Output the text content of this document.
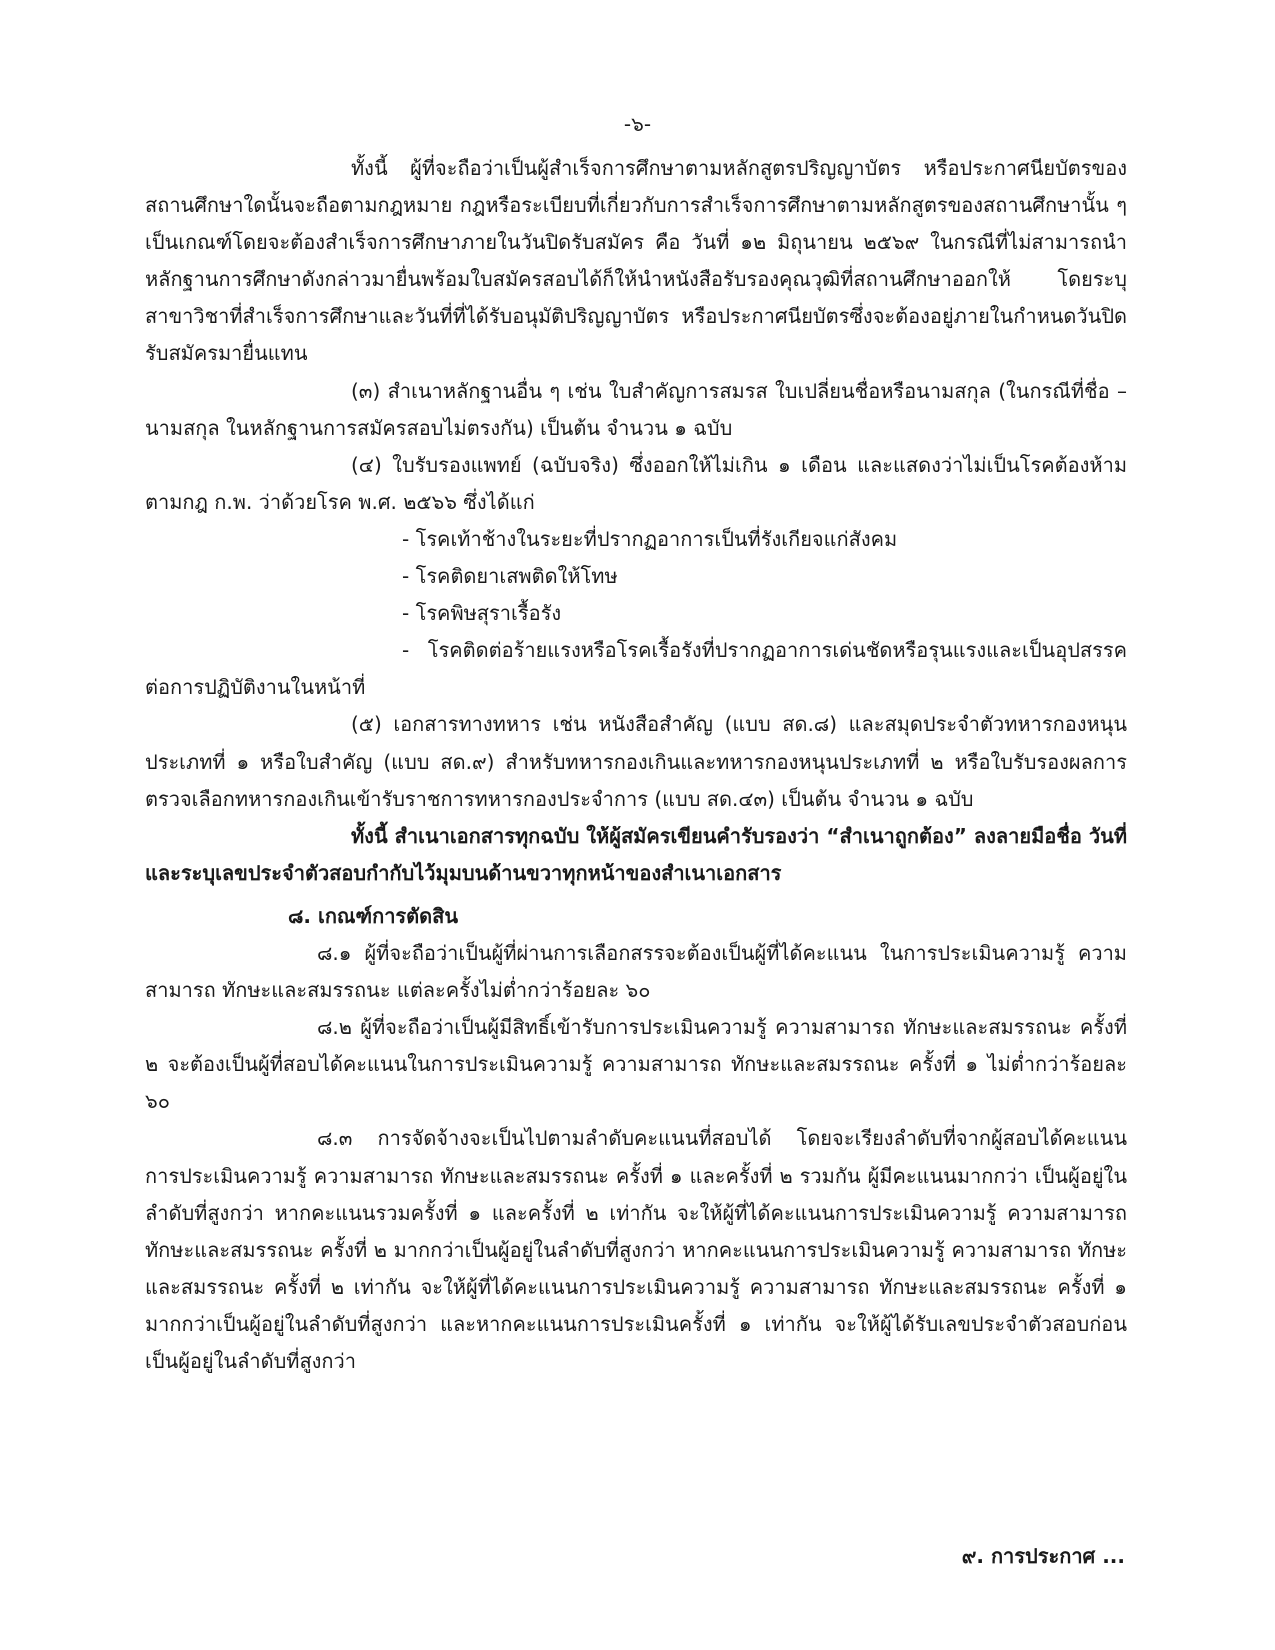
-๖-

ทั้งนี้ ผู้ที่จะถือว่าเป็นผู้สำเร็จการศึกษาตามหลักสูตรปริญญาบัตร หรือประกาศนียบัตรของสถานศึกษาใดนั้นจะถือตามกฎหมาย กฎหรือระเบียบที่เกี่ยวกับการสำเร็จการศึกษาตามหลักสูตรของสถานศึกษานั้น ๆ เป็นเกณฑ์โดยจะต้องสำเร็จการศึกษาภายในวันปิดรับสมัคร คือ วันที่ ๑๒ มิถุนายน ๒๕๖๙ ในกรณีที่ไม่สามารถนำหลักฐานการศึกษาดังกล่าวมายื่นพร้อมใบสมัครสอบได้ก็ให้นำหนังสือรับรองคุณวุฒิที่สถานศึกษาออกให้ โดยระบุสาขาวิชาที่สำเร็จการศึกษาและวันที่ที่ได้รับอนุมัติปริญญาบัตร หรือประกาศนียบัตรซึ่งจะต้องอยู่ภายในกำหนดวันปิดรับสมัครมายื่นแทน

(๓) สำเนาหลักฐานอื่น ๆ เช่น ใบสำคัญการสมรส ใบเปลี่ยนชื่อหรือนามสกุล (ในกรณีที่ชื่อ – นามสกุล ในหลักฐานการสมัครสอบไม่ตรงกัน) เป็นต้น จำนวน ๑ ฉบับ

(๔) ใบรับรองแพทย์ (ฉบับจริง) ซึ่งออกให้ไม่เกิน ๑ เดือน และแสดงว่าไม่เป็นโรคต้องห้ามตามกฎ ก.พ. ว่าด้วยโรค พ.ศ. ๒๕๖๖ ซึ่งได้แก่

- โรคเท้าช้างในระยะที่ปรากฏอาการเป็นที่รังเกียจแก่สังคม

- โรคติดยาเสพติดให้โทษ

- โรคพิษสุราเรื้อรัง

- โรคติดต่อร้ายแรงหรือโรคเรื้อรังที่ปรากฏอาการเด่นชัดหรือรุนแรงและเป็นอุปสรรคต่อการปฏิบัติงานในหน้าที่

(๕) เอกสารทางทหาร เช่น หนังสือสำคัญ (แบบ สด.๘) และสมุดประจำตัวทหารกองหนุนประเภทที่ ๑ หรือใบสำคัญ (แบบ สด.๙) สำหรับทหารกองเกินและทหารกองหนุนประเภทที่ ๒ หรือใบรับรองผลการตรวจเลือกทหารกองเกินเข้ารับราชการทหารกองประจำการ (แบบ สด.๔๓) เป็นต้น จำนวน ๑ ฉบับ

ทั้งนี้ สำเนาเอกสารทุกฉบับ ให้ผู้สมัครเขียนคำรับรองว่า “สำเนาถูกต้อง” ลงลายมือชื่อ วันที่ และระบุเลขประจำตัวสอบกำกับไว้มุมบนด้านขวาทุกหน้าของสำเนาเอกสาร

๘. เกณฑ์การตัดสิน

๘.๑ ผู้ที่จะถือว่าเป็นผู้ที่ผ่านการเลือกสรรจะต้องเป็นผู้ที่ได้คะแนน ในการประเมินความรู้ ความสามารถ ทักษะและสมรรถนะ แต่ละครั้งไม่ต่ำกว่าร้อยละ ๖๐

๘.๒ ผู้ที่จะถือว่าเป็นผู้มีสิทธิ์เข้ารับการประเมินความรู้ ความสามารถ ทักษะและสมรรถนะ ครั้งที่ ๒ จะต้องเป็นผู้ที่สอบได้คะแนนในการประเมินความรู้ ความสามารถ ทักษะและสมรรถนะ ครั้งที่ ๑ ไม่ต่ำกว่าร้อยละ ๖๐

๘.๓ การจัดจ้างจะเป็นไปตามลำดับคะแนนที่สอบได้ โดยจะเรียงลำดับที่จากผู้สอบได้คะแนน การประเมินความรู้ ความสามารถ ทักษะและสมรรถนะ ครั้งที่ ๑ และครั้งที่ ๒ รวมกัน ผู้มีคะแนนมากกว่า เป็นผู้อยู่ในลำดับที่สูงกว่า หากคะแนนรวมครั้งที่ ๑ และครั้งที่ ๒ เท่ากัน จะให้ผู้ที่ได้คะแนนการประเมินความรู้ ความสามารถ ทักษะและสมรรถนะ ครั้งที่ ๒ มากกว่าเป็นผู้อยู่ในลำดับที่สูงกว่า หากคะแนนการประเมินความรู้ ความสามารถ ทักษะและสมรรถนะ ครั้งที่ ๒ เท่ากัน จะให้ผู้ที่ได้คะแนนการประเมินความรู้ ความสามารถ ทักษะและสมรรถนะ ครั้งที่ ๑ มากกว่าเป็นผู้อยู่ในลำดับที่สูงกว่า และหากคะแนนการประเมินครั้งที่ ๑ เท่ากัน จะให้ผู้ได้รับเลขประจำตัวสอบก่อนเป็นผู้อยู่ในลำดับที่สูงกว่า

๙. การประกาศ ...
